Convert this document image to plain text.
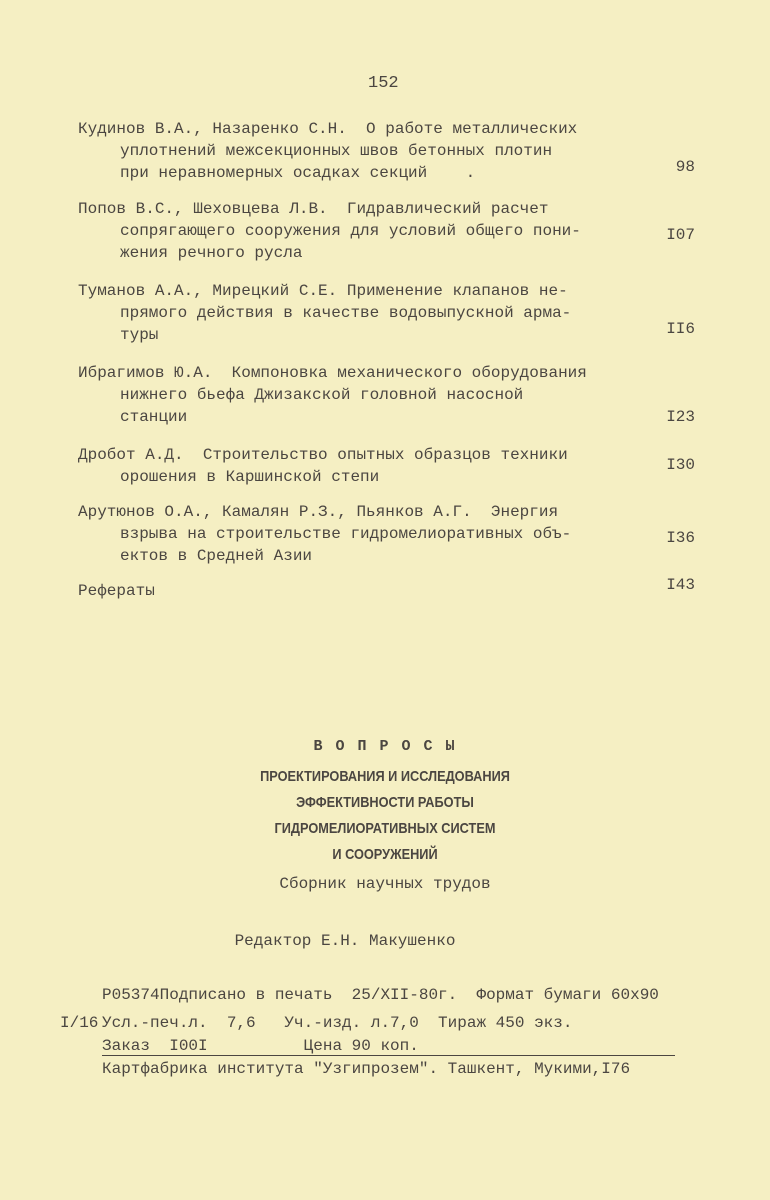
152
Кудинов В.А., Назаренко С.Н.  О работе металлических
уплотнений межсекционных швов бетонных плотин
при неравномерных осадках секций    .	98
Попов В.С., Шеховцева Л.В.  Гидравлический расчет
сопрягающего сооружения для условий общего пони-
жения речного русла
I07
Туманов А.А., Мирецкий С.Е. Применение клапанов не-
прямого действия в качестве водовыпускной арма-
туры	II6
Ибрагимов Ю.А.  Компоновка механического оборудования
нижнего бьефа Джизакской головной насосной
станции	I23
Дробот А.Д.  Строительство опытных образцов техники
орошения в Каршинской степи
I30
Арутюнов О.А., Камалян Р.З., Пьянков А.Г.  Энергия
взрыва на строительстве гидромелиоративных объ-
ектов в Средней Азии
I36
Рефераты	I43
В О П Р О С Ы
ПРОЕКТИРОВАНИЯ И ИССЛЕДОВАНИЯ
ЭФФЕКТИВНОСТИ РАБОТЫ
ГИДРОМЕЛИОРАТИВНЫХ СИСТЕМ
И СООРУЖЕНИЙ
Сборник научных трудов
Редактор Е.Н. Макушенко
Р05374Подписано в печать  25/XII-80г.  Формат бумаги 60х90
I/16 Усл.-печ.л.  7,6   Уч.-изд. л.7,0  Тираж 450 экз.
Заказ  I00I          Цена 90 коп.
Картфабрика института "Узгипрозем". Ташкент, Мукими,I76
